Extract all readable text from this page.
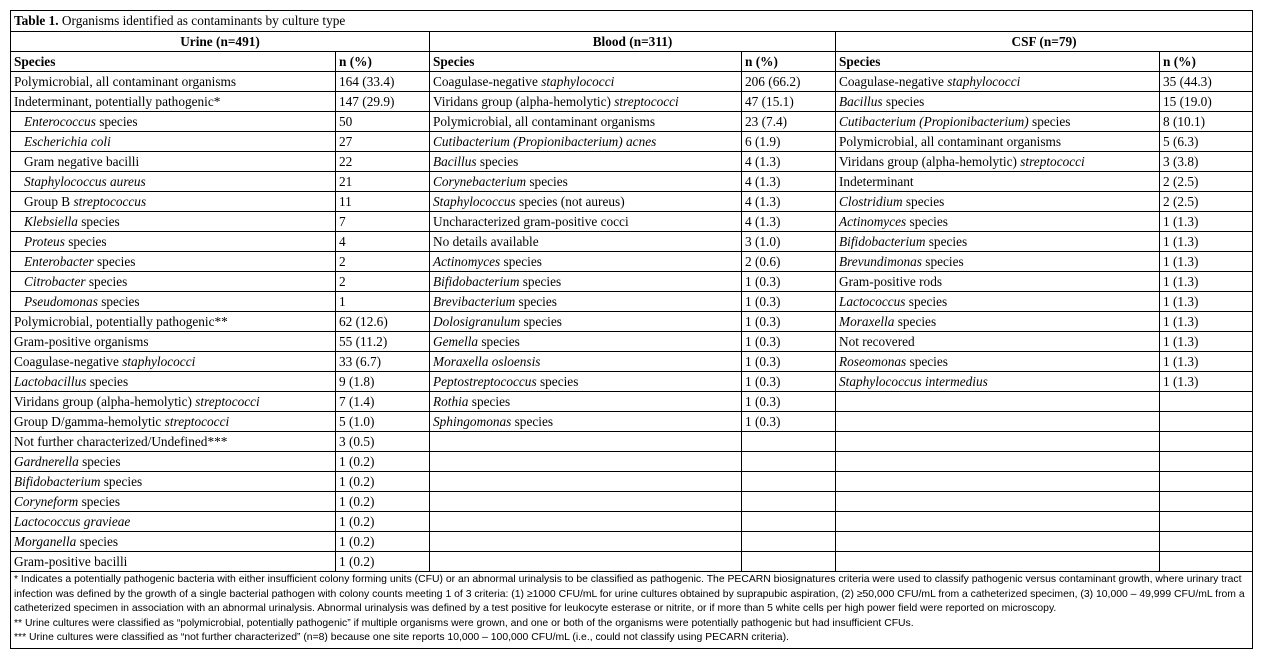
Table 1. Organisms identified as contaminants by culture type					
Urine (n=491)		Blood (n=311)		CSF (n=79)	
Species	n (%)	Species	n (%)	Species	n (%)
Polymicrobial, all contaminant organisms	164 (33.4)	Coagulase-negative staphylococci	206 (66.2)	Coagulase-negative staphylococci	35 (44.3)
Indeterminant, potentially pathogenic*	147 (29.9)	Viridans group (alpha-hemolytic) streptococci	47 (15.1)	Bacillus species	15 (19.0)
Enterococcus species	50	Polymicrobial, all contaminant organisms	23 (7.4)	Cutibacterium (Propionibacterium) species	8 (10.1)
Escherichia coli	27	Cutibacterium (Propionibacterium) acnes	6 (1.9)	Polymicrobial, all contaminant organisms	5 (6.3)
Gram negative bacilli	22	Bacillus species	4 (1.3)	Viridans group (alpha-hemolytic) streptococci	3 (3.8)
Staphylococcus aureus	21	Corynebacterium species	4 (1.3)	Indeterminant	2 (2.5)
Group B streptococcus	11	Staphylococcus species (not aureus)	4 (1.3)	Clostridium species	2 (2.5)
Klebsiella species	7	Uncharacterized gram-positive cocci	4 (1.3)	Actinomyces species	1 (1.3)
Proteus species	4	No details available	3 (1.0)	Bifidobacterium species	1 (1.3)
Enterobacter species	2	Actinomyces species	2 (0.6)	Brevundimonas species	1 (1.3)
Citrobacter species	2	Bifidobacterium species	1 (0.3)	Gram-positive rods	1 (1.3)
Pseudomonas species	1	Brevibacterium species	1 (0.3)	Lactococcus species	1 (1.3)
Polymicrobial, potentially pathogenic**	62 (12.6)	Dolosigranulum species	1 (0.3)	Moraxella species	1 (1.3)
Gram-positive organisms	55 (11.2)	Gemella species	1 (0.3)	Not recovered	1 (1.3)
Coagulase-negative staphylococci	33 (6.7)	Moraxella osloensis	1 (0.3)	Roseomonas species	1 (1.3)
Lactobacillus species	9 (1.8)	Peptostreptococcus species	1 (0.3)	Staphylococcus intermedius	1 (1.3)
Viridans group (alpha-hemolytic) streptococci	7 (1.4)	Rothia species	1 (0.3)		
Group D/gamma-hemolytic streptococci	5 (1.0)	Sphingomonas species	1 (0.3)		
Not further characterized/Undefined***	3 (0.5)				
Gardnerella species	1 (0.2)				
Bifidobacterium species	1 (0.2)				
Coryneform species	1 (0.2)				
Lactococcus gravieae	1 (0.2)				
Morganella species	1 (0.2)				
Gram-positive bacilli	1 (0.2)				

* Indicates a potentially pathogenic bacteria with either insufficient colony forming units (CFU) or an abnormal urinalysis to be classified as pathogenic. The PECARN biosignatures criteria were used to classify pathogenic versus contaminant growth, where urinary tract infection was defined by the growth of a single bacterial pathogen with colony counts meeting 1 of 3 criteria: (1) ≥1000 CFU/mL for urine cultures obtained by suprapubic aspiration, (2) ≥50,000 CFU/mL from a catheterized specimen, (3) 10,000 – 49,999 CFU/mL from a catheterized specimen in association with an abnormal urinalysis. Abnormal urinalysis was defined by a test positive for leukocyte esterase or nitrite, or if more than 5 white cells per high power field were reported on microscopy.
** Urine cultures were classified as “polymicrobial, potentially pathogenic” if multiple organisms were grown, and one or both of the organisms were potentially pathogenic but had insufficient CFUs.
*** Urine cultures were classified as “not further characterized” (n=8) because one site reports 10,000 – 100,000 CFU/mL (i.e., could not classify using PECARN criteria).					
